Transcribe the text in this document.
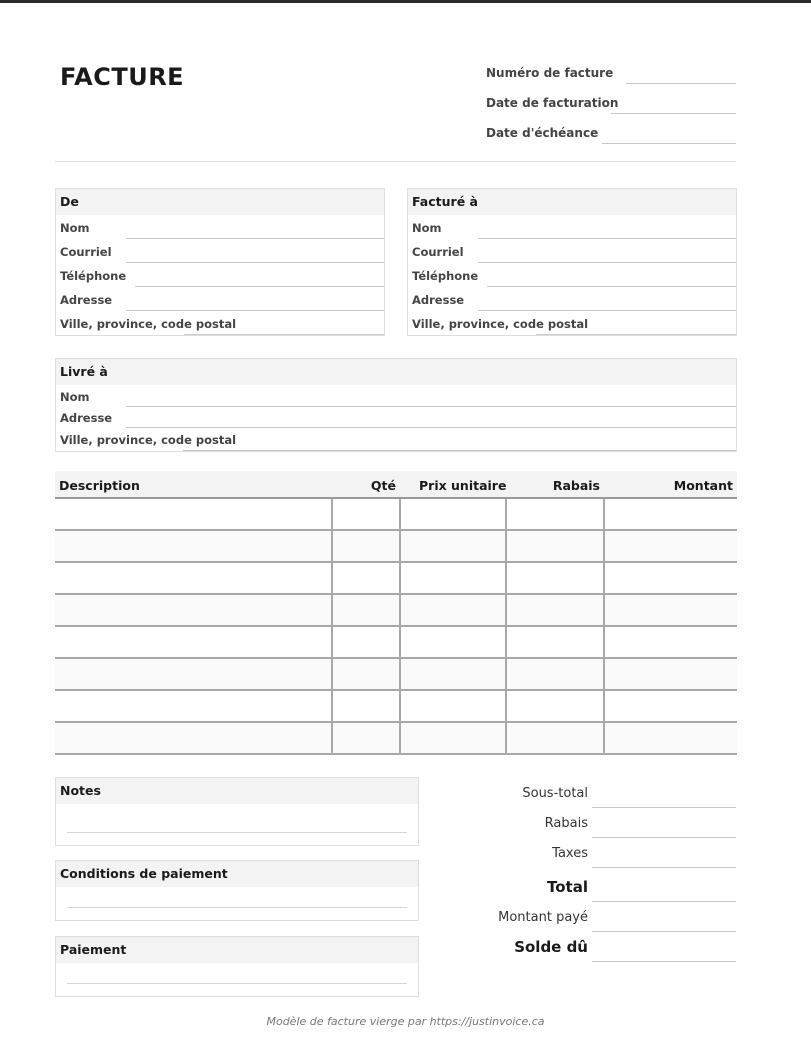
FACTURE	Numéro de facture
Date de facturation
Date d'échéance
De
Nom
Courriel
Téléphone
Adresse
Ville, province, code postal
Facturé à
Nom
Courriel
Téléphone
Adresse
Ville, province, code postal
Livré à
Nom
Adresse
Ville, province, code postal
Description	Qté Prix unitaire	Rabais	Montant
Notes
Conditions de paiement
Paiement
Sous-total
Rabais
Taxes
Total
Montant payé
Solde dû
Modèle de facture vierge par https://justinvoice.ca
